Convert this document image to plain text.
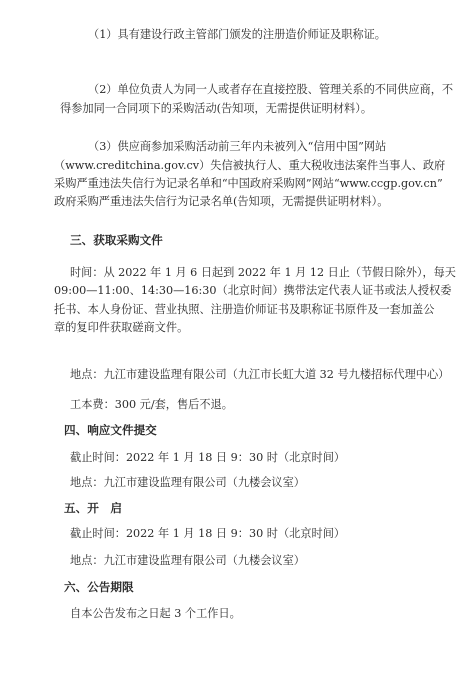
（1）具有建设行政主管部门颁发的注册造价师证及职称证。
（2）单位负责人为同一人或者存在直接控股、管理关系的不同供应商，不
得参加同一合同项下的采购活动(告知项，无需提供证明材料）。
（3）供应商参加采购活动前三年内未被列入“信用中国”网站
（www.creditchina.gov.cv）失信被执行人、重大税收违法案件当事人、政府
采购严重违法失信行为记录名单和“中国政府采购网”网站“www.ccgp.gov.cn”
政府采购严重违法失信行为记录名单(告知项，无需提供证明材料）。
三、获取采购文件
时间：从 2022 年 1 月 6 日起到 2022 年 1 月 12 日止（节假日除外），每天
09:00—11:00、14:30—16:30（北京时间）携带法定代表人证书或法人授权委
托书、本人身份证、营业执照、注册造价师证书及职称证书原件及一套加盖公
章的复印件获取磋商文件。
地点：九江市建设监理有限公司（九江市长虹大道 32 号九楼招标代理中心）
工本费：300 元/套，售后不退。
四、响应文件提交
截止时间：2022 年 1 月 18 日 9：30 时（北京时间）
地点：九江市建设监理有限公司（九楼会议室）
五、开　启
截止时间：2022 年 1 月 18 日 9：30 时（北京时间）
地点：九江市建设监理有限公司（九楼会议室）
六、公告期限
自本公告发布之日起 3 个工作日。
